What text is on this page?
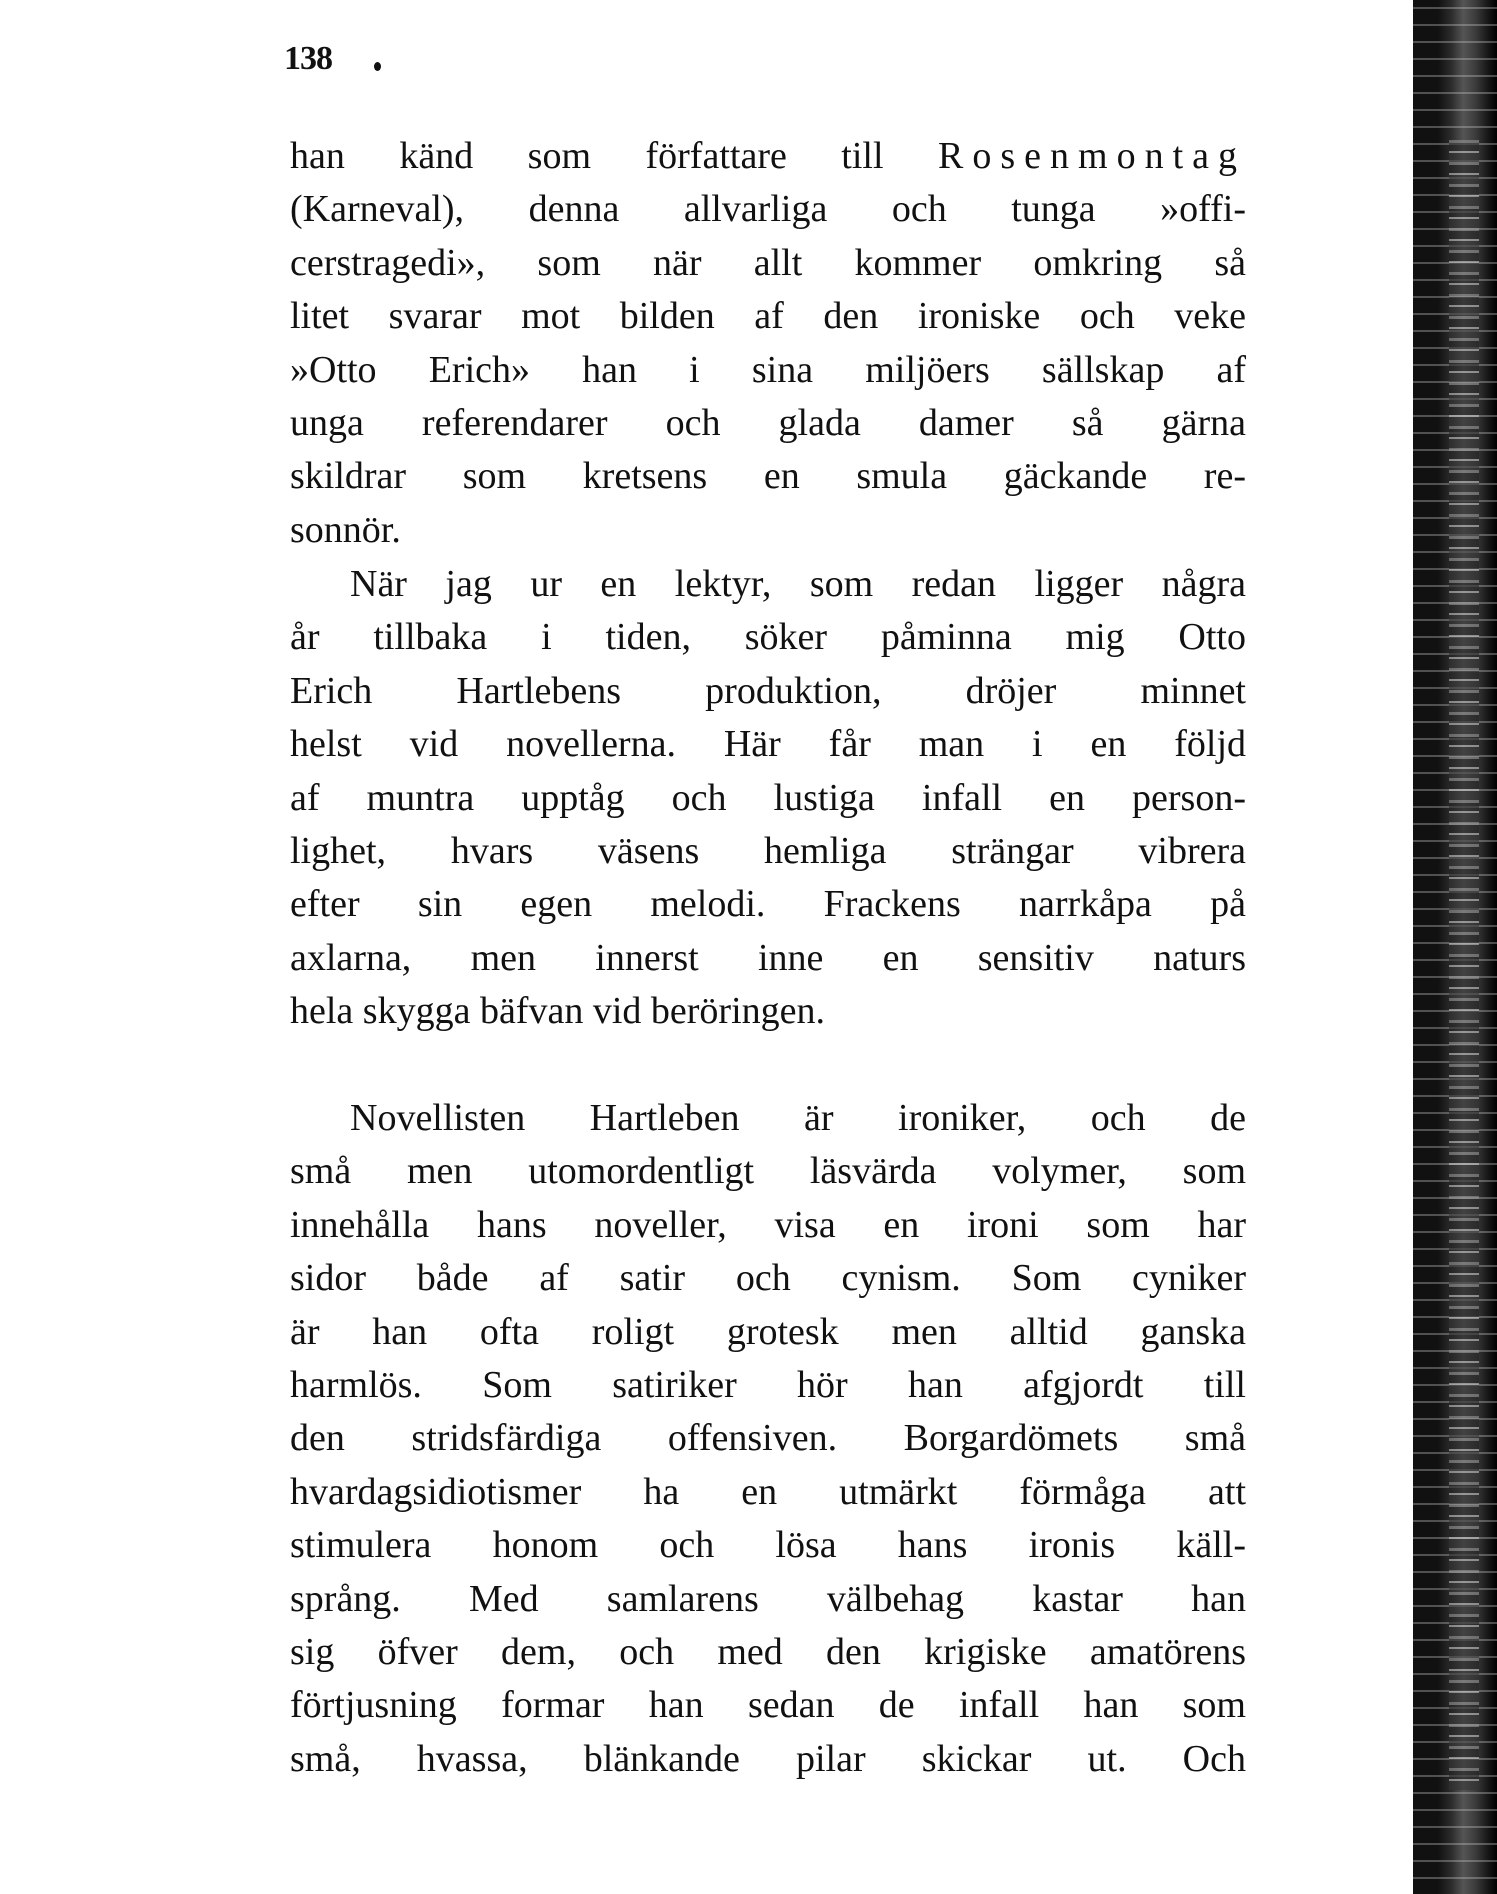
138
han känd som författare till Rosenmontag
(Karneval), denna allvarliga och tunga »offi-
cerstragedi», som när allt kommer omkring så
litet svarar mot bilden af den ironiske och veke
»Otto Erich» han i sina miljöers sällskap af
unga referendarer och glada damer så gärna
skildrar som kretsens en smula gäckande re-
sonnör.
När jag ur en lektyr, som redan ligger några
år tillbaka i tiden, söker påminna mig Otto
Erich Hartlebens produktion, dröjer minnet
helst vid novellerna. Här får man i en följd
af muntra upptåg och lustiga infall en person-
lighet, hvars väsens hemliga strängar vibrera
efter sin egen melodi. Frackens narrkåpa på
axlarna, men innerst inne en sensitiv naturs
hela skygga bäfvan vid beröringen.
Novellisten Hartleben är ironiker, och de
små men utomordentligt läsvärda volymer, som
innehålla hans noveller, visa en ironi som har
sidor både af satir och cynism. Som cyniker
är han ofta roligt grotesk men alltid ganska
harmlös. Som satiriker hör han afgjordt till
den stridsfärdiga offensiven. Borgardömets små
hvardagsidiotismer ha en utmärkt förmåga att
stimulera honom och lösa hans ironis käll-
språng. Med samlarens välbehag kastar han
sig öfver dem, och med den krigiske amatörens
förtjusning formar han sedan de infall han som
små, hvassa, blänkande pilar skickar ut. Och
